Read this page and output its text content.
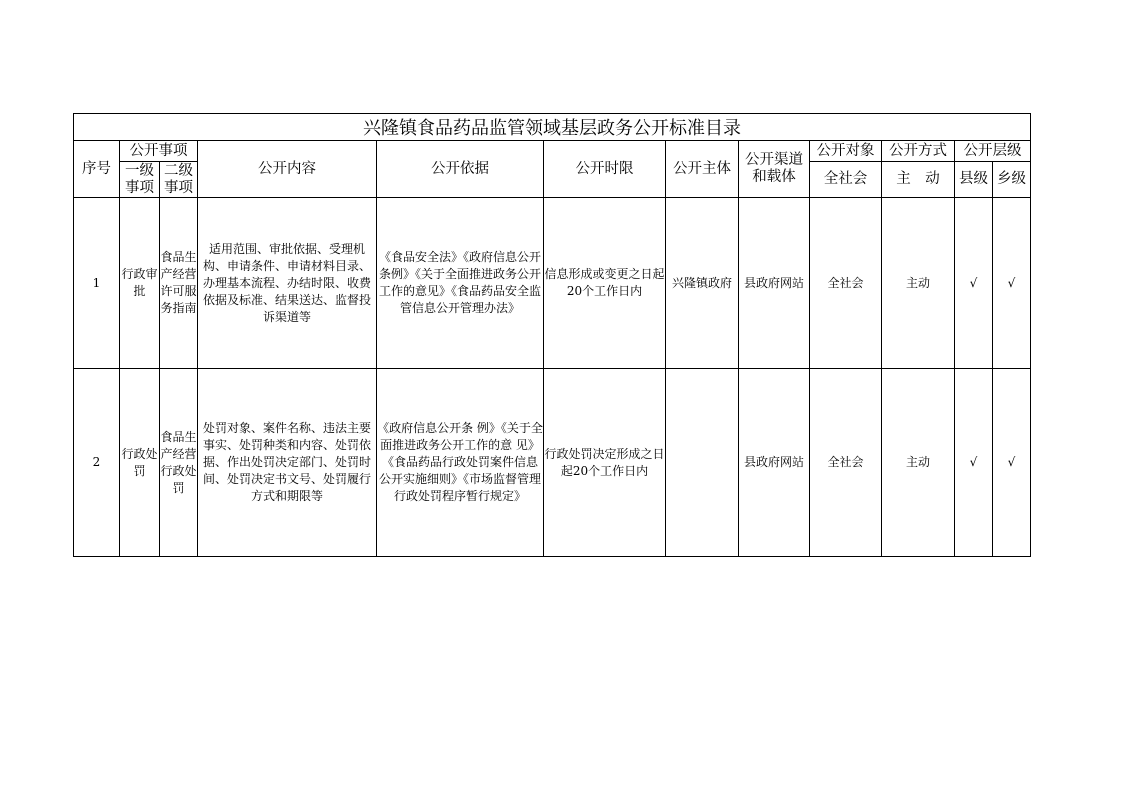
兴隆镇食品药品监管领域基层政务公开标准目录											
序号	公开事项		公开内容	公开依据	公开时限	公开主体	公开渠道和载体	公开对象	公开方式	公开层级	
	一级事项	二级事项						全社会	主　动	县级	乡级
1	行政审批	食品生产经营许可服务指南	适用范围、审批依据、受理机构、申请条件、申请材料目录、办理基本流程、办结时限、收费依据及标准、结果送达、监督投诉渠道等	《食品安全法》《政府信息公开条例》《关于全面推进政务公开工作的意见》《食品药品安全监管信息公开管理办法》	信息形成或变更之日起20个工作日内	兴隆镇政府	县政府网站	全社会	主动	√	√
2	行政处罚	食品生产经营行政处罚	处罚对象、案件名称、违法主要事实、处罚种类和内容、处罚依据、作出处罚决定部门、处罚时间、处罚决定书文号、处罚履行方式和期限等	《政府信息公开条 例》《关于全面推进政务公开工作的意 见》《食品药品行政处罚案件信息公开实施细则》《市场监督管理行政处罚程序暂行规定》	行政处罚决定形成之日起20个工作日内		县政府网站	全社会	主动	√	√
